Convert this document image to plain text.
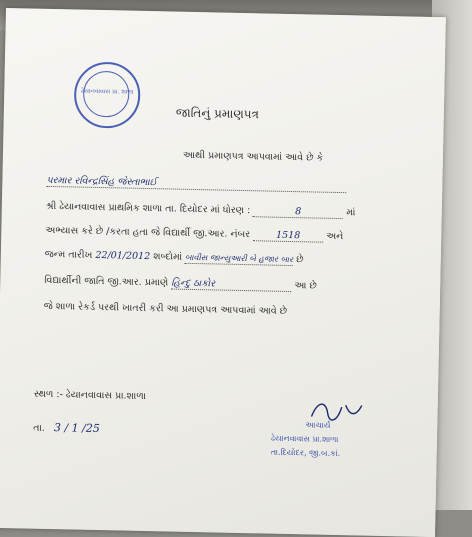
ઢેયાનવાવાસ પ્રા. શાળા
જાતિનું પ્રમાણપત્ર
આથી પ્રમાણપત્ર આપવામાં આવે છે કે
પરમાર રવિન્દ્રસિંહ જેસ્તાભાઈ
શ્રી ઢેયાનવાવાસ પ્રાથમિક શાળા તા. દિયોદર માં ધોરણ :	8	માં
અભ્યાસ કરે છે /કરતા હતા જે વિદ્યાર્થી જી.આર. નંબર	1518	અને
જન્મ તારીખ 22/01/2012 શબ્દોમાં બાવીસ જાન્યુઆરી બે હજાર બાર છે
વિદ્યાર્થીની જાતિ જી.આર. પ્રમાણે હિન્દુ ઠાકોર	આ છે
જે શાળા રેકર્ડ પરથી ખાતરી કરી આ પ્રમાણપત્ર આપવામાં આવે છે
સ્થળ :- ઢેયાનવાવાસ પ્રા.શાળા
તા. 3 / 1 /25	આચાર્ય
ઢેયાનવાવાસ પ્રા.શાળા
તા.દિયોદર, જી.બ.કાં.
